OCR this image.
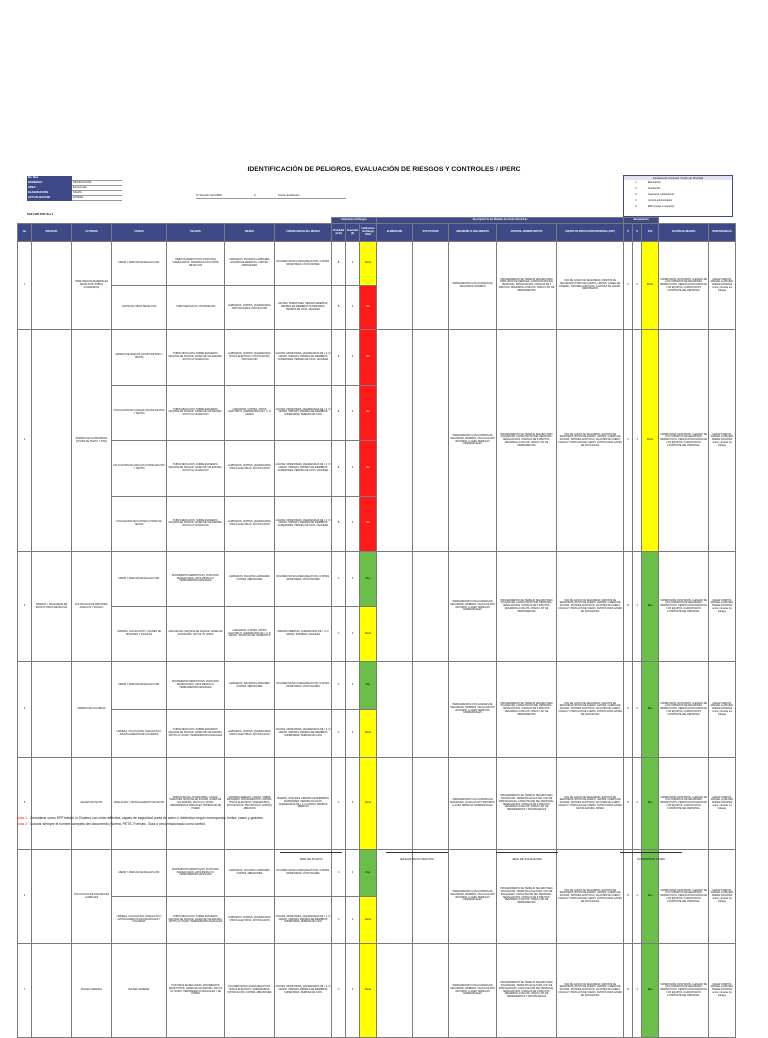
IDENTIFICACIÓN DE PELIGROS, EVALUACIÓN DE RIESGOS Y CONTROLES / IPERC
No. Mes
GERENCIA	PRODUCCION
AREA	Estructuras
ELABORACION	SIGMA
ACTUALIZACION	ETAPAS
SGE-FRM-0001 Rev 0
N° Revisión del IPERC	0	Fecha: Evaluación
Jerarquía de Controles / Orden de Prioridad
1	Eliminación
2	Sustitución
3	Ingeniería / Aislamiento
4	Control administrativo
5	EPP (riesgo a soportar)
							Evaluación de Riesgos			Descripción de las Medidas de Control Genéricas					Reevaluación				
No	PROCESO	ACTIVIDAD	TAREAS	PELIGRO	RIESGO	CONSECUENCIA DEL RIESGO	Probabilidad (P)	Severidad (S)	Calificación del Riesgo (PxS)	ELIMINACION	SUSTITUCION	INGENIERÍA O AISLAMIENTO	CONTROL ADMINISTRATIVO	EQUIPO DE PROTECCIÓN PERSONAL (EPP)	P	S	PxS	ACCIÓN DE MEJORA	RESPONSABLES
1		HABILITADO DE MATERIALES METALICOS (TUBOS CUADRADOS)	MEDIR Y MARCAR DE REGALPLANO	OBJETOS REPETITIVOS. POSTURAS INADECUADAS, TARIMATALLICAS CORTE METALICOS	LAMINADOS, SOLVATES LAMINARES, ESTRANGULAMIENTOS, CORTES, ABRASIONES	DOLORES MUSCULOESQUELETICOS, CORTES, MORETONES, CONTUSIONES	B	4	Medio			HERRAMIENTAS CON GUARDAS DE SEGURIDAD, BIOMBOS	PROCEDIMIENTO DE TRABAJO SEGURO PARA HABILITADO DE PERFILES. CAPACITACIÓN DEL PERSONAL. SEÑALIZACIÓN. CHARLAS DE 5 MINUTOS. DESARROLLO DE ATS. CHECK LIST DE HERRAMIENTAS	USO DE CASCO DE SEGURIDAD, ZAPATOS DE SEGURIDAD (PUNTA DE ACERO), LENTES, CAREta DE ESMERIL, TAPONES AUDITIVOS, GUANTES DE CUERO, RESPIRADOR	C	3	Medio	SUPERVISIÓN CONSTANTE, LLENADO DE LOS FORMATOS DE SEGURIDAD RESPECTIVOS. VERIFICACION DIARIA DE LOS EQUIPOS. CAPACITACION CONSTANTE DEL PERSONAL	CESAR CAMPOS, MANUEL LAUNCIER, MADER SANCHEZ unica y durante los trabajos
			CORTE DE TUBOS METALICOS	TUBOS METALICOS, TRONZADORA	LAMINADOS, CORTES, QUEMADURAS, AMPUTACIONES, PROYECCION	GOLPES, MORETONES, HERIDAS ABIERTAS, PERDIDA DE MIEMBROS SUPERIORES, PERDIDA DE OJOS, CEGUERA	B	2	Alto										
2		ARMADO DE PLATAFORMAS (CHASIS DE TECHO Y PISO)	ARMADO DE MARCOS (CHASIS DE PISO Y TECHO)	TUBOS METALICOS, SOBRE ESFUERZO, MAQUINA DE SOLDAR, GASES DE SOLDADURA, RAYOS UV, RADIACION	LAMINADOS, CORTES, QUEMADURAS, SHOCK ELECTRICO, INTOXICACION, PROYECCION	GOLPES, MORETONES, QUEMADURAS DE I, II, III GRADO, HERIDAS, PERDIDA DE MIEMBROS SUPERIORES, PERDIDA DE OJOS, CEGUERA	B	2	Alto			HERRAMIENTAS CON GUARDAS DE SEGURIDAD, BIOMBOS, VALVULAS ANTI RETORNO, LLAVES TERMICAS DIFERENCIALES	PROCEDIMIENTO DE TRABAJO SEGURO PARA SOLDADURA. CAPACITACION DEL PERSONAL. SEÑALIZACION. CHARLAS DE 5 MINUTOS. DESARROLLO DE ATS. CHECK LIST DE HERRAMIENTAS	USO DE CASCO DE SEGURIDAD, ZAPATOS DE SEGURIDAD (PUNTA DE ACERO), LENTES, CARETA DE SOLDAR, TAPONES AUDITIVOS, GUANTES DE CUERO, CASACA Y PANTALON DE CUERO, FILTROS PARA GASES DE SOLDADURA	C	3	Medio	SUPERVISIÓN CONSTANTE, LLENADO DE LOS FORMATOS DE SEGURIDAD RESPECTIVOS. VERIFICACION DIARIA DE LOS EQUIPOS. CAPACITACION CONSTANTE DEL PERSONAL	CESAR CAMPOS, MANUEL LAUNCIER, MADER SANCHEZ unica y durante los trabajos
			COLOCACION DE CANALES (CHASIS DE PISO Y TECHO)	TUBOS METALICOS, SOBRE ESFUERZO, MAQUINA DE SOLDAR, GASES DE SOLDADURA, RAYOS UV, RADIACION	LAMINADOS, CORTES, SHOCK ELECTRICO, QUEMADURAS DE I, II, III GRADO	GOLPES, MORETONES, QUEMADURAS DE I, II, III GRADO, HERIDAS, PERDIDA DE MIEMBROS SUPERIORES, PERDIDA DE OJOS	B	2	Alto										
			COLOCACION DE ANGULOS (CHASIS DE PISO Y TECHO)	TUBOS METALICOS, SOBRE ESFUERZO, MAQUINA DE SOLDAR, GASES DE SOLDADURA, RAYOS UV, RADIACION	LAMINADOS, CORTES, QUEMADURAS, SHOCK ELECTRICO, INTOXICACION	GOLPES, MORETONES, QUEMADURAS DE I, II, III GRADO, HERIDAS, PERDIDA DE MIEMBROS SUPERIORES, PERDIDA DE OJOS, CEGUERA	B	2	Alto										
			COLOCACION DE PLATINAS (CHASIS DE TECHO)	TUBOS METALICOS, SOBRE ESFUERZO, MAQUINA DE SOLDAR, GASES DE SOLDADURA, RAYOS UV, RADIACION	LAMINADOS, CORTES, QUEMADURAS, SHOCK ELECTRICO, INTOXICACION	GOLPES, MORETONES, QUEMADURAS DE I, II, III GRADO, HERIDAS, PERDIDA DE MIEMBROS SUPERIORES, PERDIDA DE OJOS, CEGUERA	B	2	Alto										
3	ARMADO Y SOLDADURA DE ESTRUCTURAS METALICAS	COLOCACION DE RINCONES, ANGULOS Y ZOCALO	MEDIR Y MARCAR DE REGALPLANO	MOVIMIENTOS REPETITIVOS, POSTURAS INADECUADAS, LAPIZ METALICO, HERRAMIENTAS MANUALES	LAMINADOS, SOLVATES LAMINARES, CORTES, ABRASIONES	DOLORES MUSCULOESQUELETICOS, CORTES, MORETONES, CONTUSIONES	C	4	Bajo			HERRAMIENTAS CON GUARDAS DE SEGURIDAD, BIOMBOS, VALVULAS ANTI RETORNO, LLAVES TERMICAS DIFERENCIALES	PROCEDIMIENTO DE TRABAJO SEGURO PARA SOLDADURA. CAPACITACION DEL PERSONAL. SEÑALIZACION. CHARLAS DE 5 MINUTOS. DESARROLLO DE ATS. CHECK LIST DE HERRAMIENTAS	USO DE CASCO DE SEGURIDAD, ZAPATOS DE SEGURIDAD (PUNTA DE ACERO), LENTES, CARETA DE SOLDAR, TAPONES AUDITIVOS, GUANTES DE CUERO, CASACA Y PANTALON DE CUERO, FILTROS PARA GASES DE SOLDADURA	D	4	Bajo	SUPERVISIÓN CONSTANTE, LLENADO DE LOS FORMATOS DE SEGURIDAD RESPECTIVOS. VERIFICACION DIARIA DE LOS EQUIPOS. CAPACITACION CONSTANTE DEL PERSONAL	CESAR CAMPOS, MANUEL LAUNCIER, MADER SANCHEZ unica y durante los trabajos
			LIMPIEZA, COLOCACION Y SOLDEO DE RINCONES Y ANGULOS	AMOLADORA, MAQUINA DE SOLDAR, GASES DE SOLDADURA, RAYOS UV, RUIDO	LAMINADOS, CORTES, SHOCK ELECTRICO, QUEMADURAS DE I, II, III GRADO, INTOXICACION, DERMATITIS	HERIDAS ABIERTAS, QUEMADURAS DE I, II, III GRADO, SORDERA, CEGUERA	C	3	Medio										
4		ARMADO DE COLUMNAS	MEDIR Y MARCAR DE REGALPLANO	MOVIMIENTOS REPETITIVOS, POSTURAS INADECUADAS, LAPIZ METALICO, HERRAMIENTAS MANUALES	LAMINADOS, SOLVATES LAMINARES, CORTES, ABRASIONES	DOLORES MUSCULOESQUELETICOS, CORTES, MORETONES, CONTUSIONES	C	4	Bajo			HERRAMIENTAS CON GUARDAS DE SEGURIDAD, BIOMBOS, VALVULAS ANTI RETORNO, LLAVES TERMICAS DIFERENCIALES	PROCEDIMIENTO DE TRABAJO SEGURO PARA SOLDADURA. CAPACITACION DEL PERSONAL. SEÑALIZACION. CHARLAS DE 5 MINUTOS. DESARROLLO DE ATS. CHECK LIST DE HERRAMIENTAS	USO DE CASCO DE SEGURIDAD, ZAPATOS DE SEGURIDAD (PUNTA DE ACERO), LENTES, CARETA DE SOLDAR, TAPONES AUDITIVOS, GUANTES DE CUERO, CASACA Y PANTALON DE CUERO, FILTROS PARA GASES DE SOLDADURA	D	4	Bajo	SUPERVISIÓN CONSTANTE, LLENADO DE LOS FORMATOS DE SEGURIDAD RESPECTIVOS. VERIFICACION DIARIA DE LOS EQUIPOS. CAPACITACION CONSTANTE DEL PERSONAL	CESAR CAMPOS, MANUEL LAUNCIER, MADER SANCHEZ unica y durante los trabajos
			LIMPIEZA, COLOCACION, NIVELACION Y APUNTALAMIENTO DE COLUMNAS	TUBOS METALICOS, SOBRE ESFUERZO, MAQUINA DE SOLDAR, GASES DE SOLDADURA, RAYOS UV, RUIDO, HERRAMIENTAS MANUALES	LAMINADOS, CORTES, QUEMADURAS, SHOCK ELECTRICO, INTOXICACION	GOLPES, MORETONES, QUEMADURAS DE I, II, III GRADO, HERIDAS, PERDIDA DE MIEMBROS SUPERIORES, PERDIDA DE OJOS	C	3	Medio										
5		IMAGEN DE TECHO	NIVELACION Y APUNTALAMIENTO DE TECHO	MONTACARGAS, PLATAFORMA, CAIDAS, PARANTES, MAQUINA DE SOLDAR, GASES DE SOLDADURA, RAYOS UV, RUIDO, HERRAMIENTAS MANUALES, SUPERFICIE DE PODER	ATROPELLAMIENTO, CAIDAS, SOBRE ESFUERZO, ATRAPAMIENTOS, CORTES, SHOCK ELECTRICO, QUEMADURAS, INTOXICACION, PROYECCION, CORTES, ABRASION	MUERTE, INVALIDEZ, PERDIDA DE MIEMBROS SUPERIORES, PERDIDA DE OJOS, QUEMADURAS DE I, II, III GRADO, HERIDAS ABIERTAS	C	3	Medio			HERRAMIENTAS CON GUARDAS DE SEGURIDAD, VALVULAS ANTI RETORNO, LLAVES TERMICAS DIFERENCIALES	PROCEDIMIENTO DE TRABAJO SEGURO PARA SOLDADURA, TRABAJOS EN ALTURA, USO DE MONTACARGAS. CAPACITACION DEL PERSONAL. SEÑALIZACION. CHARLAS DE 5 MINUTOS. DESARROLLO DE ATS. CHECK LIST DE HERRAMIENTAS Y MONTACARGAS	USO DE CASCO DE SEGURIDAD, ZAPATOS DE SEGURIDAD (PUNTA DE ACERO), LENTES, CARETA DE SOLDAR, TAPONES AUDITIVOS, GUANTES DE CUERO, CASACA Y PANTALON DE CUERO, FILTROS PARA GASES DE SOLDADURA, ARNES	D	4	Bajo	SUPERVISIÓN CONSTANTE, LLENADO DE LOS FORMATOS DE SEGURIDAD RESPECTIVOS. VERIFICACION DIARIA DE LOS EQUIPOS. CAPACITACION CONSTANTE DEL PERSONAL	CESAR CAMPOS, MANUEL LAUNCIER, MADER SANCHEZ unica y durante los trabajos
6		COLOCACION DE DIAGONALES LATERALES	MEDIR Y MARCAR DE REGALPLANO	MOVIMIENTOS REPETITIVOS, POSTURAS INADECUADAS, LAPIZ METALICO, HERRAMIENTAS MANUALES	LAMINADOS, SOLVATES LAMINARES, CORTES, ABRASIONES	DOLORES MUSCULOESQUELETICOS, CORTES, MORETONES, CONTUSIONES	C	4	Bajo			HERRAMIENTAS CON GUARDAS DE SEGURIDAD, BIOMBOS, VALVULAS ANTI RETORNO, LLAVES TERMICAS DIFERENCIALES	PROCEDIMIENTO DE TRABAJO SEGURO PARA SOLDADURA, TRABAJOS EN ALTURA. USO DE ESCALERAS. CAPACITACION DEL PERSONAL. SEÑALIZACION. CHARLAS DE 5 MINUTOS. DESARROLLO DE ATS. CHECK LIST DE HERRAMIENTAS	USO DE CASCO DE SEGURIDAD, ZAPATOS DE SEGURIDAD (PUNTA DE ACERO), LENTES, CARETA DE SOLDAR, TAPONES AUDITIVOS, GUANTES DE CUERO, CASACA Y PANTALON DE CUERO, FILTROS PARA GASES DE SOLDADURA	D	4	Bajo	SUPERVISIÓN CONSTANTE, LLENADO DE LOS FORMATOS DE SEGURIDAD RESPECTIVOS. VERIFICACION DIARIA DE LOS EQUIPOS. CAPACITACION CONSTANTE DEL PERSONAL	CESAR CAMPOS, MANUEL LAUNCIER, MADER SANCHEZ unica y durante los trabajos
			LIMPIEZA, COLOCACION, NIVELACION Y APUNTALAMIENTO DE DIAGONALES Y COLUMNAS	TUBOS METALICOS, SOBRE ESFUERZO, MAQUINA DE SOLDAR, GASES DE SOLDADURA, RAYOS UV, RUIDO, HERRAMIENTAS MANUALES	LAMINADOS, CORTES, QUEMADURAS, SHOCK ELECTRICO, INTOXICACION	GOLPES, MORETONES, QUEMADURAS DE I, II, III GRADO, HERIDAS, PERDIDA DE MIEMBROS SUPERIORES, PERDIDA DE OJOS	C	3	Medio										
7		SOLDEO GENERAL	SOLDEO GENERAL	POSTURAS INADECUADAS, MOVIMIENTOS REPETITIVOS, GASES DE SOLDADURA, RAYOS UV, RUIDO, HERRAMIENTAS MANUALES Y DE PODER	DOLORES MUSCULOESQUELETICOS, SHOCK ELECTRICO, QUEMADURAS, INTOXICACION, CORTES, ABRASIONES	GOLPES, MORETONES, QUEMADURAS DE I, II, III GRADO, HERIDAS, PERDIDA DE MIEMBROS SUPERIORES, PERDIDA DE OJOS	C	3	Medio			HERRAMIENTAS CON GUARDAS DE SEGURIDAD, BIOMBOS, VALVULAS ANTI RETORNO, LLAVES TERMICAS DIFERENCIALES	PROCEDIMIENTO DE TRABAJO SEGURO PARA SOLDADURA, TRABAJOS EN ALTURA, USO DE MONTACARGAS. CAPACITACION DEL PERSONAL. SEÑALIZACION. CHARLAS DE 5 MINUTOS. DESARROLLO DE ATS. CHECK LIST DE HERRAMIENTAS Y MONTACARGAS	USO DE CASCO DE SEGURIDAD, ZAPATOS DE SEGURIDAD (PUNTA DE ACERO), LENTES, CARETA DE SOLDAR, TAPONES AUDITIVOS, GUANTES DE CUERO, CASACA Y PANTALON DE CUERO, FILTROS PARA GASES DE SOLDADURA	D	4	Bajo	SUPERVISIÓN CONSTANTE, LLENADO DE LOS FORMATOS DE SEGURIDAD RESPECTIVOS. VERIFICACION DIARIA DE LOS EQUIPOS. CAPACITACION CONSTANTE DEL PERSONAL	CESAR CAMPOS, MANUEL LAUNCIER, MADER SANCHEZ unica y durante los trabajos
Nota 1: Considerar como EPP básico lo Chaleco con cinta reflectiva, zapato de seguridad punta de acero o dieléctrico según corresponda, lentes, casco y guantes.
Nota 2: Colocar siempre el nombre completo del documento (Norma, PETS, Formato, Guía u otro) relacionado como control.
JEFE DE PLANTA	JEFE ESTRUCTURALISTA	JEFE DE SOLDADURA	SUPERVISOR SIGMA
